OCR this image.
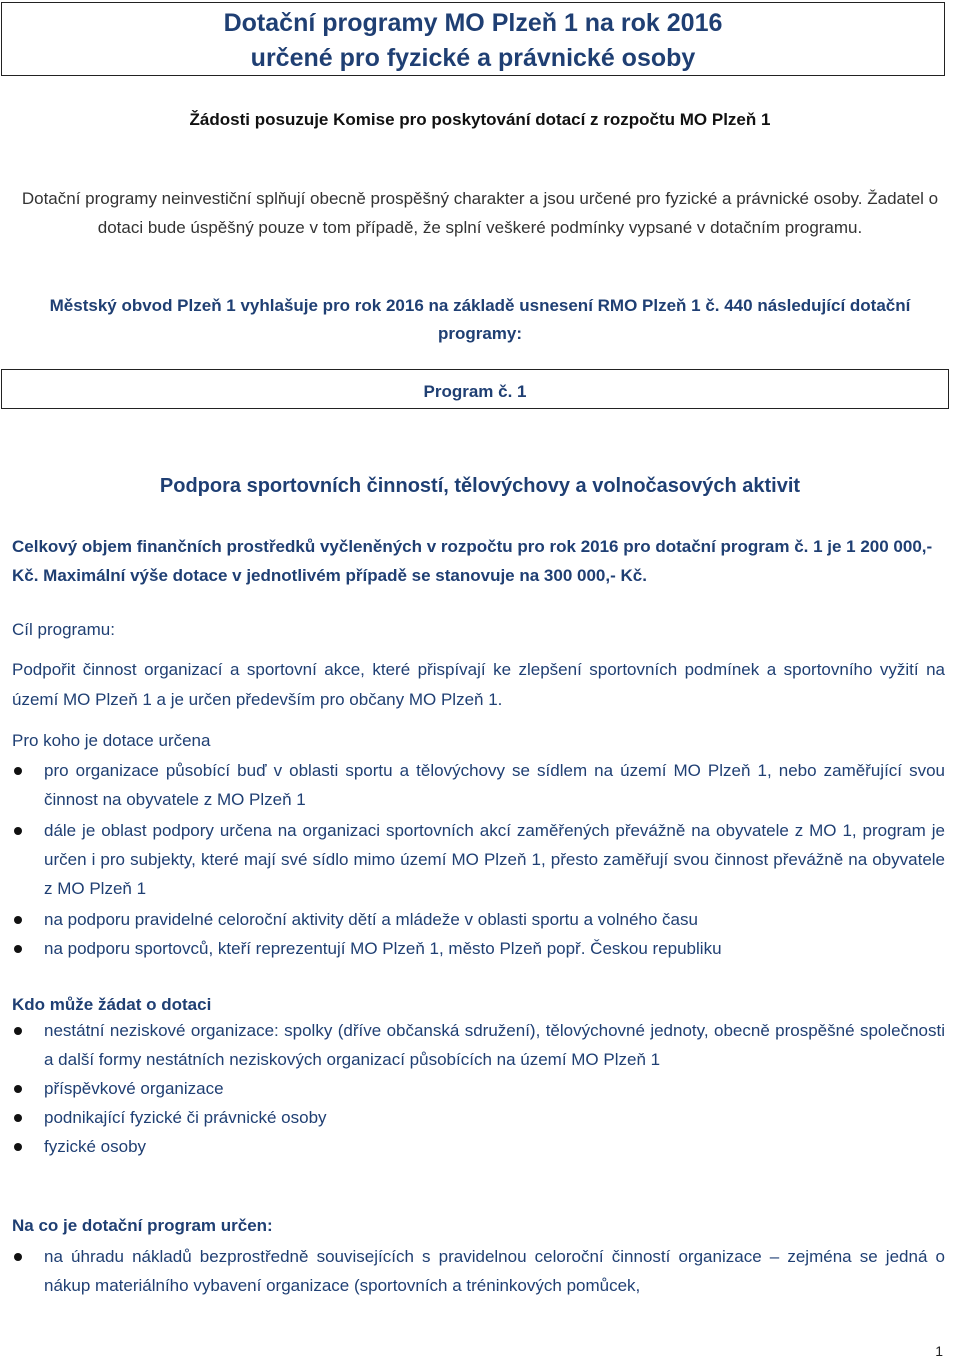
Dotační programy MO Plzeň 1 na rok 2016
určené pro fyzické a právnické osoby
Žádosti posuzuje Komise pro poskytování dotací z rozpočtu MO Plzeň 1
Dotační programy neinvestiční splňují obecně prospěšný charakter a jsou určené pro fyzické a právnické osoby. Žadatel o dotaci bude úspěšný pouze v tom případě, že splní veškeré podmínky vypsané v dotačním programu.
Městský obvod Plzeň 1 vyhlašuje pro rok 2016 na základě usnesení RMO Plzeň 1 č. 440 následující dotační programy:
Program č. 1
Podpora sportovních činností, tělovýchovy a volnočasových aktivit
Celkový objem finančních prostředků vyčleněných v rozpočtu pro rok 2016 pro dotační program č. 1 je 1 200 000,- Kč. Maximální výše dotace v jednotlivém případě se stanovuje na 300 000,- Kč.
Cíl programu:
Podpořit činnost organizací a sportovní akce, které přispívají ke zlepšení sportovních podmínek a sportovního vyžití na území MO Plzeň 1 a je určen především pro občany MO Plzeň 1.
Pro koho je dotace určena
pro organizace působící buď v oblasti sportu a tělovýchovy se sídlem na území MO Plzeň 1, nebo zaměřující svou činnost na obyvatele z MO Plzeň 1
dále je oblast podpory určena na organizaci sportovních akcí zaměřených převážně na obyvatele z MO 1, program je určen i pro subjekty, které mají své sídlo mimo území MO Plzeň 1, přesto zaměřují svou činnost převážně na obyvatele z MO Plzeň 1
na podporu pravidelné celoroční aktivity dětí a mládeže v oblasti sportu a volného času
na podporu sportovců, kteří reprezentují MO Plzeň 1, město Plzeň popř. Českou republiku
Kdo může žádat o dotaci
nestátní neziskové organizace: spolky (dříve občanská sdružení), tělovýchovné jednoty, obecně prospěšné společnosti a další formy nestátních neziskových organizací působících na území MO Plzeň 1
příspěvkové organizace
podnikající fyzické či právnické osoby
fyzické osoby
Na co je dotační program určen:
na úhradu nákladů bezprostředně souvisejících s pravidelnou celoroční činností organizace – zejména se jedná o nákup materiálního vybavení organizace (sportovních a tréninkových pomůcek,
1
